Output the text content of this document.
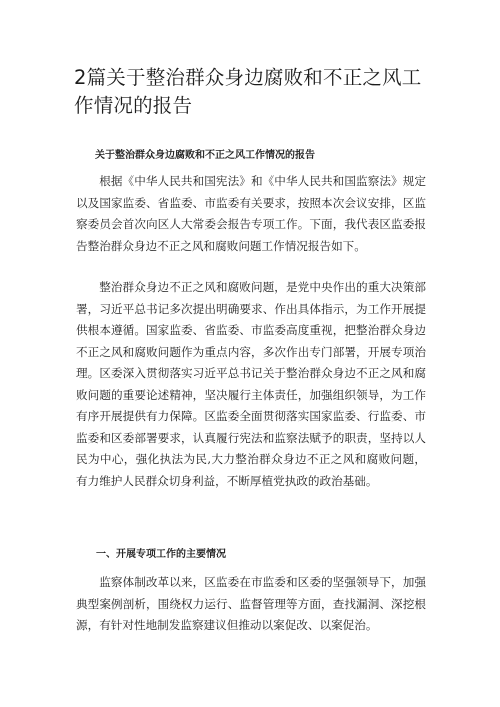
2篇关于整治群众身边腐败和不正之风工作情况的报告
关于整治群众身边腐败和不正之风工作情况的报告

根据《中华人民共和国宪法》和《中华人民共和国监察法》规定以及国家监委、省监委、市监委有关要求，按照本次会议安排，区监察委员会首次向区人大常委会报告专项工作。下面，我代表区监委报告整治群众身边不正之风和腐败问题工作情况报告如下。

整治群众身边不正之风和腐败问题，是党中央作出的重大决策部署，习近平总书记多次提出明确要求、作出具体指示，为工作开展提供根本遵循。国家监委、省监委、市监委高度重视，把整治群众身边不正之风和腐败问题作为重点内容，多次作出专门部署，开展专项治理。区委深入贯彻落实习近平总书记关于整治群众身边不正之风和腐败问题的重要论述精神，坚决履行主体责任，加强组织领导，为工作有序开展提供有力保障。区监委全面贯彻落实国家监委、行监委、市监委和区委部署要求，认真履行宪法和监察法赋予的职责，坚持以人民为中心，强化执法为民,大力整治群众身边不正之风和腐败问题，有力维护人民群众切身利益，不断厚植党执政的政治基础。

一、开展专项工作的主要情况

监察体制改革以来，区监委在市监委和区委的坚强领导下，加强典型案例剖析，围绕权力运行、监督管理等方面，查找漏洞、深挖根源，有针对性地制发监察建议但推动以案促改、以案促治。
